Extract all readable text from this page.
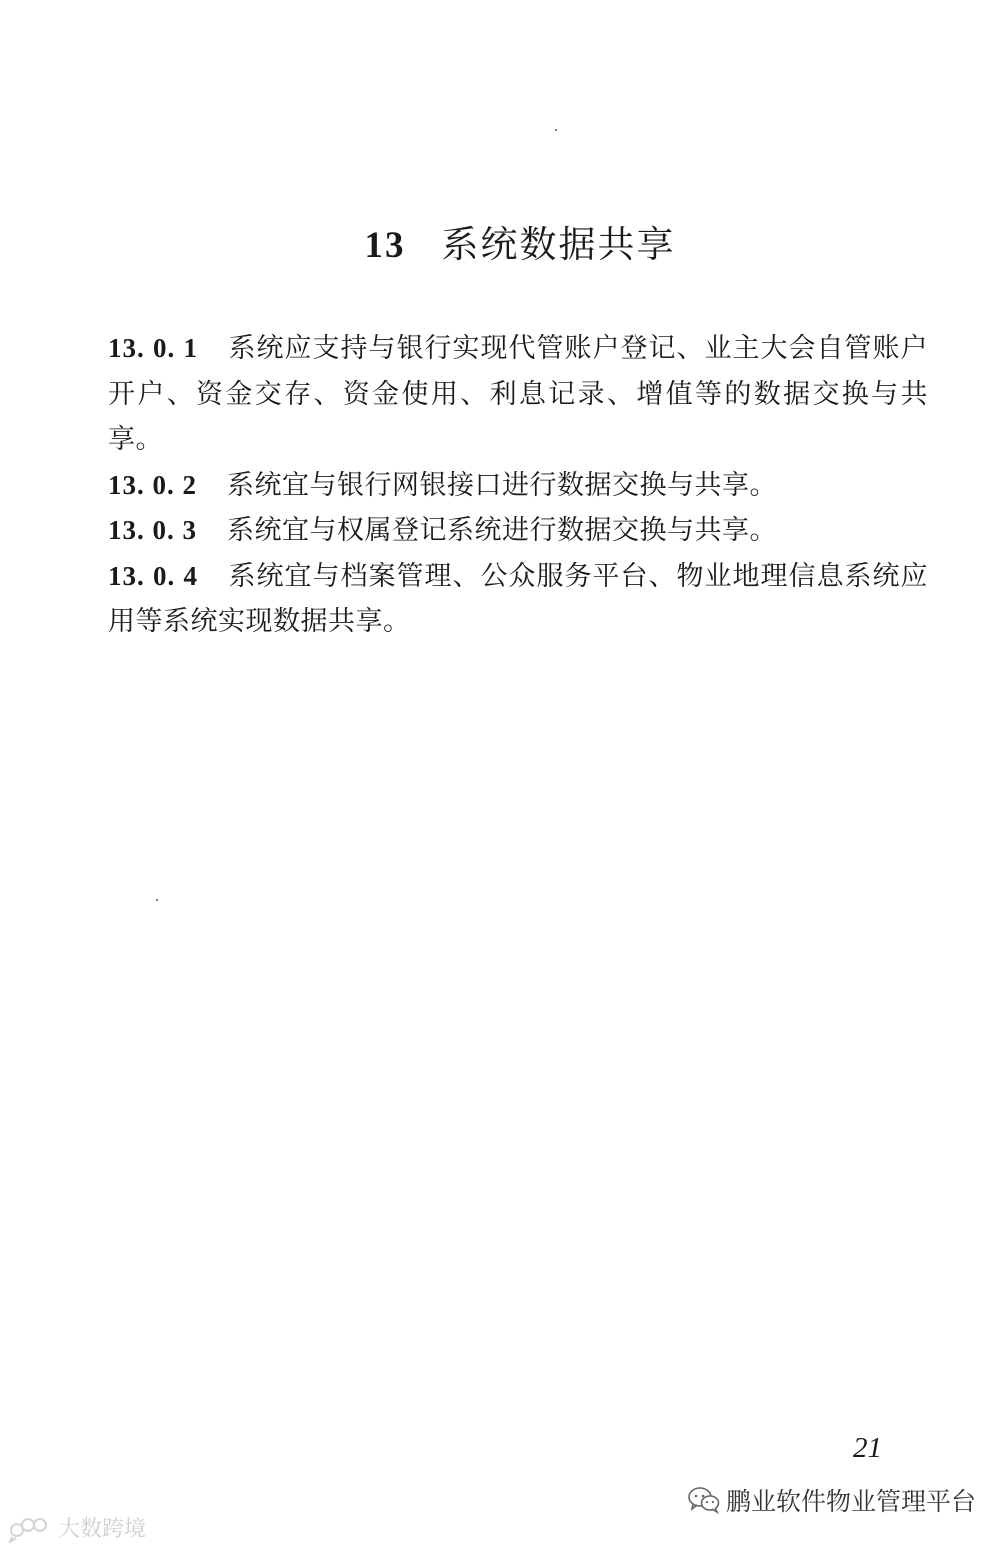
13 系统数据共享

13. 0. 1 系统应支持与银行实现代管账户登记、业主大会自管账户开户、资金交存、资金使用、利息记录、增值等的数据交换与共享。

13. 0. 2 系统宜与银行网银接口进行数据交换与共享。

13. 0. 3 系统宜与权属登记系统进行数据交换与共享。

13. 0. 4 系统宜与档案管理、公众服务平台、物业地理信息系统应用等系统实现数据共享。

21
鹏业软件物业管理平台
大数跨境
